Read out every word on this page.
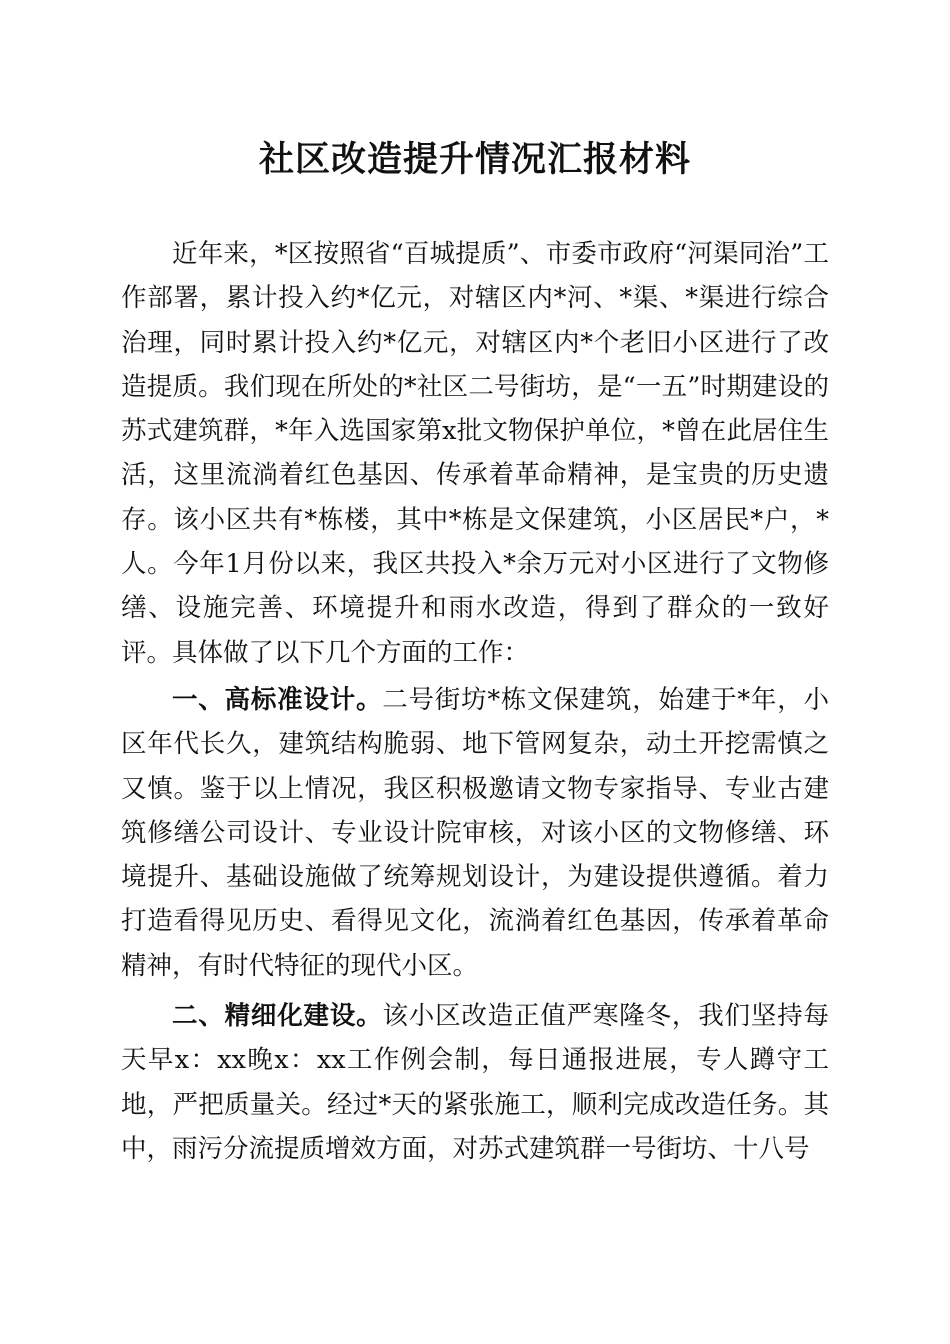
社区改造提升情况汇报材料

近年来，*区按照省“百城提质”、市委市政府“河渠同治”工作部署，累计投入约*亿元，对辖区内*河、*渠、*渠进行综合治理，同时累计投入约*亿元，对辖区内*个老旧小区进行了改造提质。我们现在所处的*社区二号街坊，是“一五”时期建设的苏式建筑群，*年入选国家第x批文物保护单位，*曾在此居住生活，这里流淌着红色基因、传承着革命精神，是宝贵的历史遗存。该小区共有*栋楼，其中*栋是文保建筑，小区居民*户，*人。今年1月份以来，我区共投入*余万元对小区进行了文物修缮、设施完善、环境提升和雨水改造，得到了群众的一致好评。具体做了以下几个方面的工作：

一、高标准设计。二号街坊*栋文保建筑，始建于*年，小区年代长久，建筑结构脆弱、地下管网复杂，动土开挖需慎之又慎。鉴于以上情况，我区积极邀请文物专家指导、专业古建筑修缮公司设计、专业设计院审核，对该小区的文物修缮、环境提升、基础设施做了统筹规划设计，为建设提供遵循。着力打造看得见历史、看得见文化，流淌着红色基因，传承着革命精神，有时代特征的现代小区。

二、精细化建设。该小区改造正值严寒隆冬，我们坚持每天早x：xx晚x：xx工作例会制，每日通报进展，专人蹲守工地，严把质量关。经过*天的紧张施工，顺利完成改造任务。其中，雨污分流提质增效方面，对苏式建筑群一号街坊、十八号
